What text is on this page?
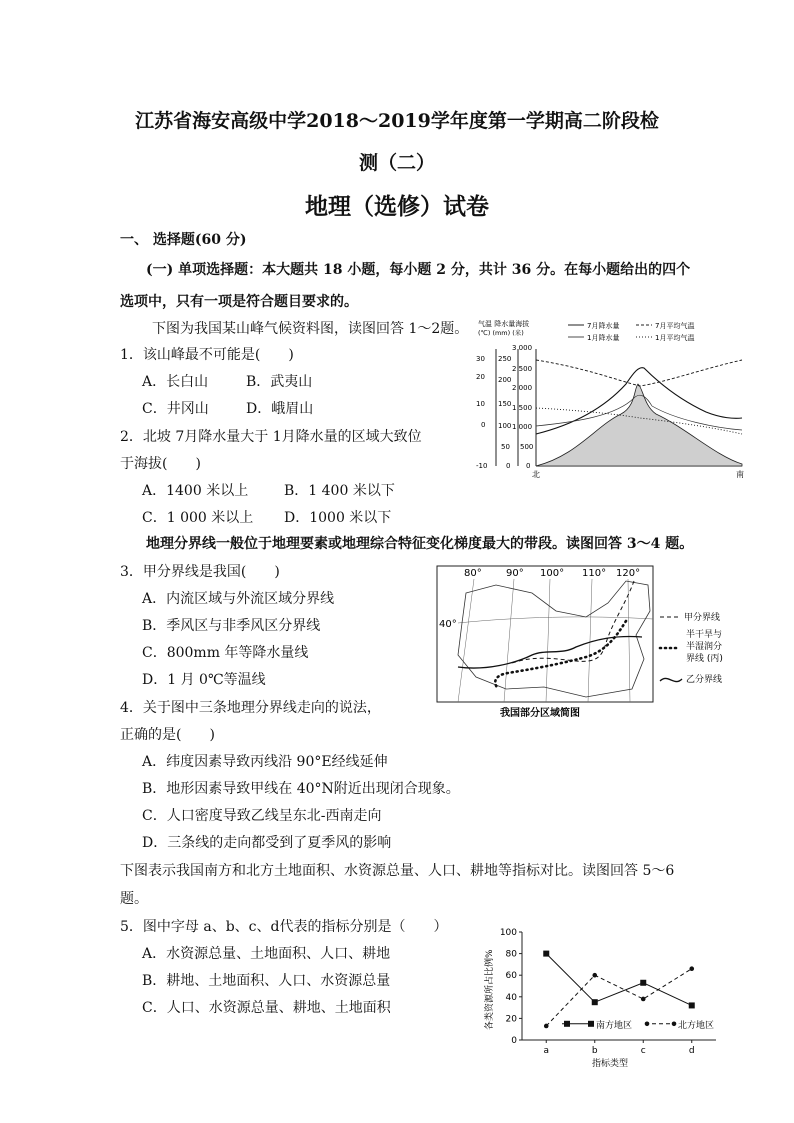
江苏省海安高级中学2018～2019学年度第一学期高二阶段检
测（二）
地理（选修）试卷
一、 选择题(60 分)
(一) 单项选择题：本大题共 18 小题，每小题 2 分，共计 36 分。在每小题给出的四个
选项中，只有一项是符合题目要求的。
下图为我国某山峰气候资料图，读图回答 1～2题。
1．该山峰最不可能是(　　)
A．长白山	B．武夷山
C．井冈山	D．峨眉山
2．北坡 7月降水量大于 1月降水量的区域大致位
于海拔(　　)
A．1400 米以上	B．1 400 米以下
C．1 000 米以上 D．1000 米以下
气温 降水量海拔
(℃) (mm) (米)
7月降水量	7月平均气温
1月降水量	1月平均气温
30
20
10
0
-10
250
200
150
100
50
0
3 000
2 500
2 000
1 500
1 000
500
0
北	南
地理分界线一般位于地理要素或地理综合特征变化梯度最大的带段。读图回答 3～4 题。
3．甲分界线是我国(　　)
A．内流区域与外流区域分界线
B．季风区与非季风区分界线
C．800mm 年等降水量线
D．1 月 0℃等温线
4．关于图中三条地理分界线走向的说法，
正确的是(　　)
A．纬度因素导致丙线沿 90°E经线延伸
B．地形因素导致甲线在 40°N附近出现闭合现象。
C．人口密度导致乙线呈东北-西南走向
D．三条线的走向都受到了夏季风的影响
80° 90° 100° 110° 120°
40°
甲分界线
半干旱与
半湿润分
界线 (丙)
乙分界线
我国部分区域简图
下图表示我国南方和北方土地面积、水资源总量、人口、耕地等指标对比。读图回答 5～6
题。
5．图中字母 a、b、c、d代表的指标分别是（　　）
A．水资源总量、土地面积、人口、耕地
B．耕地、土地面积、人口、水资源总量
C．人口、水资源总量、耕地、土地面积	各类资源所占比例%
指标类型
0
20
40
60
80
100
a	b	c	d
南方地区	北方地区
